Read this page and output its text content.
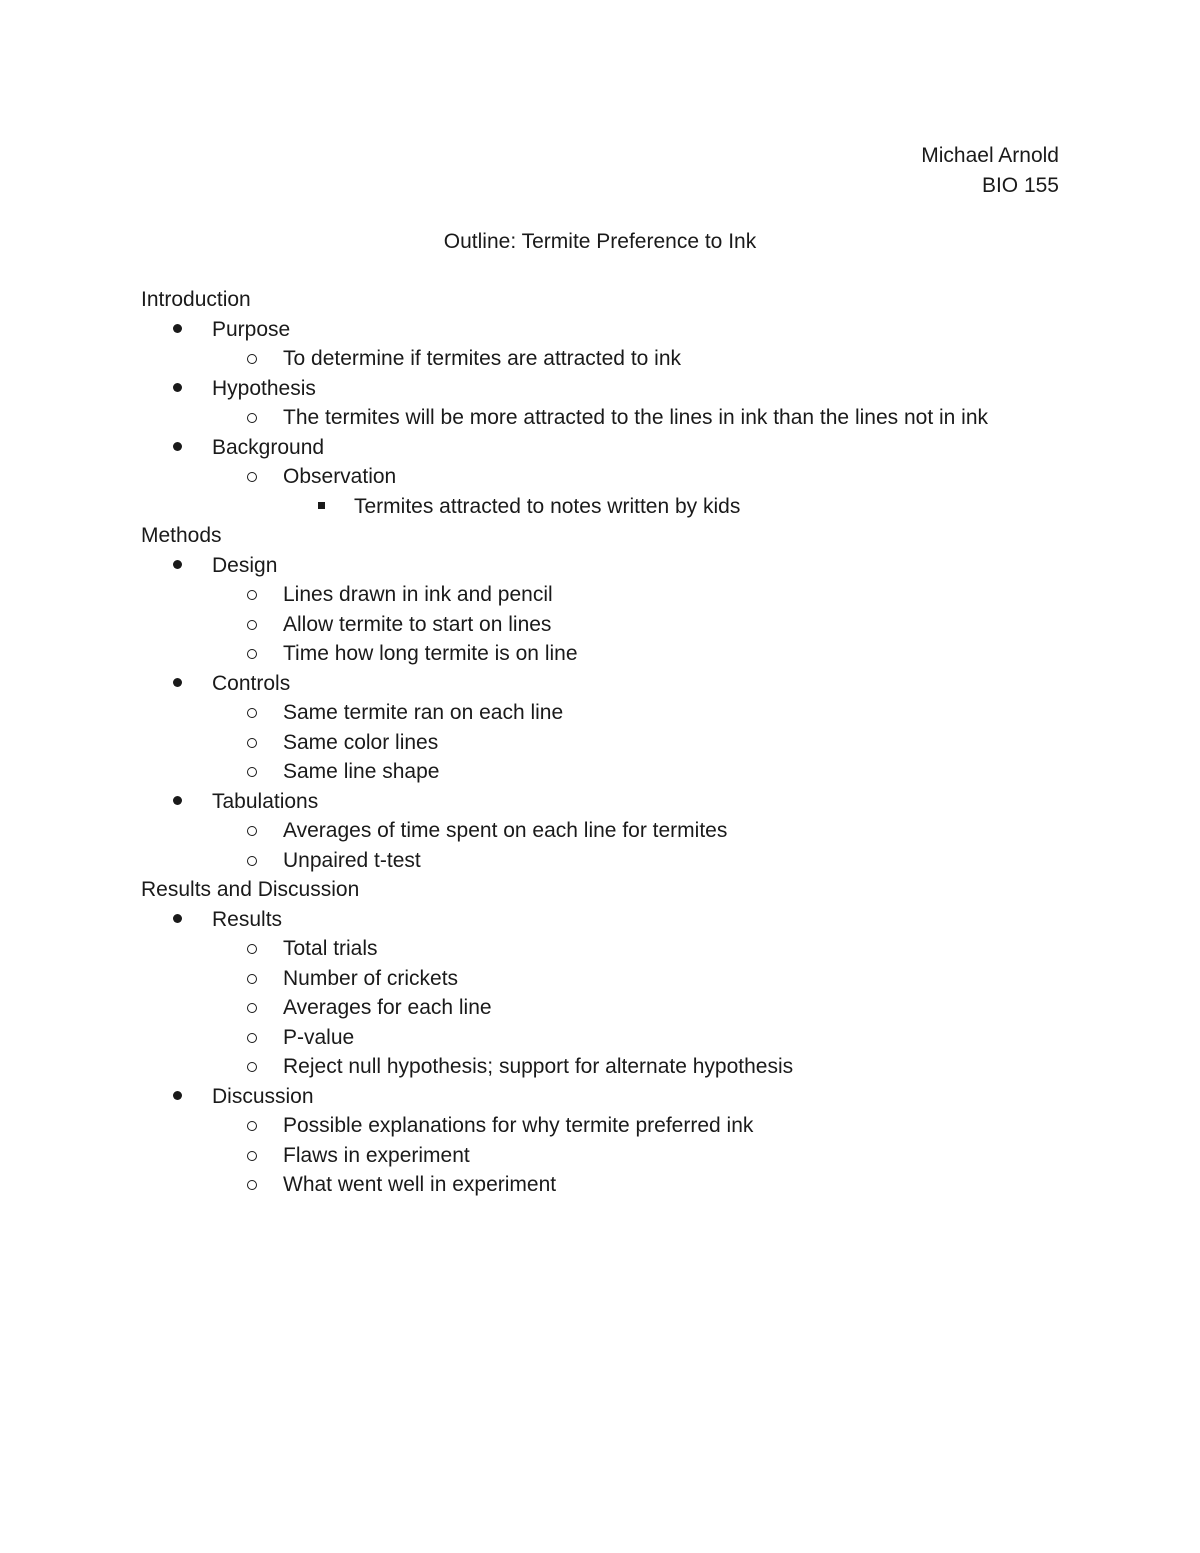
Michael Arnold
BIO 155
Outline: Termite Preference to Ink
Introduction
Purpose
To determine if termites are attracted to ink
Hypothesis
The termites will be more attracted to the lines in ink than the lines not in ink
Background
Observation
Termites attracted to notes written by kids
Methods
Design
Lines drawn in ink and pencil
Allow termite to start on lines
Time how long termite is on line
Controls
Same termite ran on each line
Same color lines
Same line shape
Tabulations
Averages of time spent on each line for termites
Unpaired t-test
Results and Discussion
Results
Total trials
Number of crickets
Averages for each line
P-value
Reject null hypothesis; support for alternate hypothesis
Discussion
Possible explanations for why termite preferred ink
Flaws in experiment
What went well in experiment
